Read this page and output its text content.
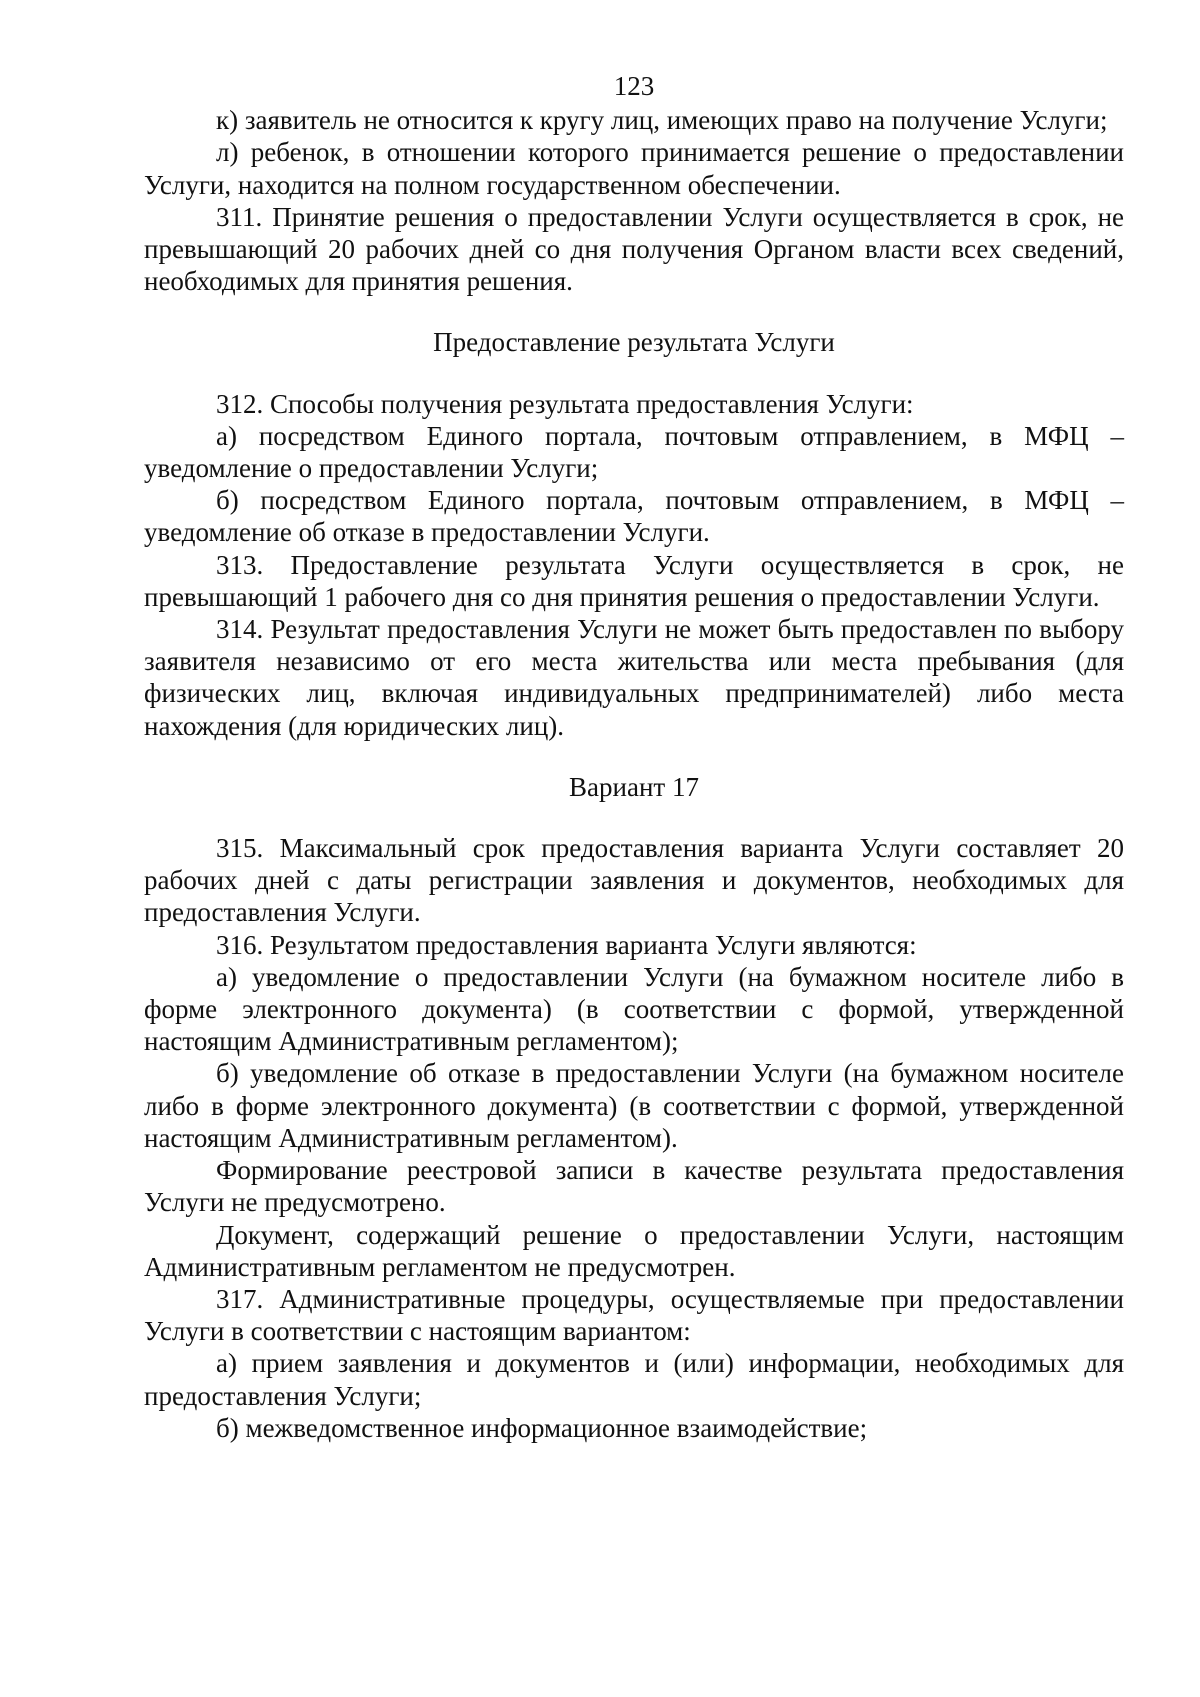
123

к) заявитель не относится к кругу лиц, имеющих право на получение Услуги;

л) ребенок, в отношении которого принимается решение о предоставлении Услуги, находится на полном государственном обеспечении.

311. Принятие решения о предоставлении Услуги осуществляется в срок, не превышающий 20 рабочих дней со дня получения Органом власти всех сведений, необходимых для принятия решения.

Предоставление результата Услуги

312. Способы получения результата предоставления Услуги:

а) посредством Единого портала, почтовым отправлением, в МФЦ – уведомление о предоставлении Услуги;

б) посредством Единого портала, почтовым отправлением, в МФЦ – уведомление об отказе в предоставлении Услуги.

313. Предоставление результата Услуги осуществляется в срок, не превышающий 1 рабочего дня со дня принятия решения о предоставлении Услуги.

314. Результат предоставления Услуги не может быть предоставлен по выбору заявителя независимо от его места жительства или места пребывания (для физических лиц, включая индивидуальных предпринимателей) либо места нахождения (для юридических лиц).

Вариант 17

315. Максимальный срок предоставления варианта Услуги составляет 20 рабочих дней с даты регистрации заявления и документов, необходимых для предоставления Услуги.

316. Результатом предоставления варианта Услуги являются:

а) уведомление о предоставлении Услуги (на бумажном носителе либо в форме электронного документа) (в соответствии с формой, утвержденной настоящим Административным регламентом);

б) уведомление об отказе в предоставлении Услуги (на бумажном носителе либо в форме электронного документа) (в соответствии с формой, утвержденной настоящим Административным регламентом).

Формирование реестровой записи в качестве результата предоставления Услуги не предусмотрено.

Документ, содержащий решение о предоставлении Услуги, настоящим Административным регламентом не предусмотрен.

317. Административные процедуры, осуществляемые при предоставлении Услуги в соответствии с настоящим вариантом:

а) прием заявления и документов и (или) информации, необходимых для предоставления Услуги;

б) межведомственное информационное взаимодействие;
